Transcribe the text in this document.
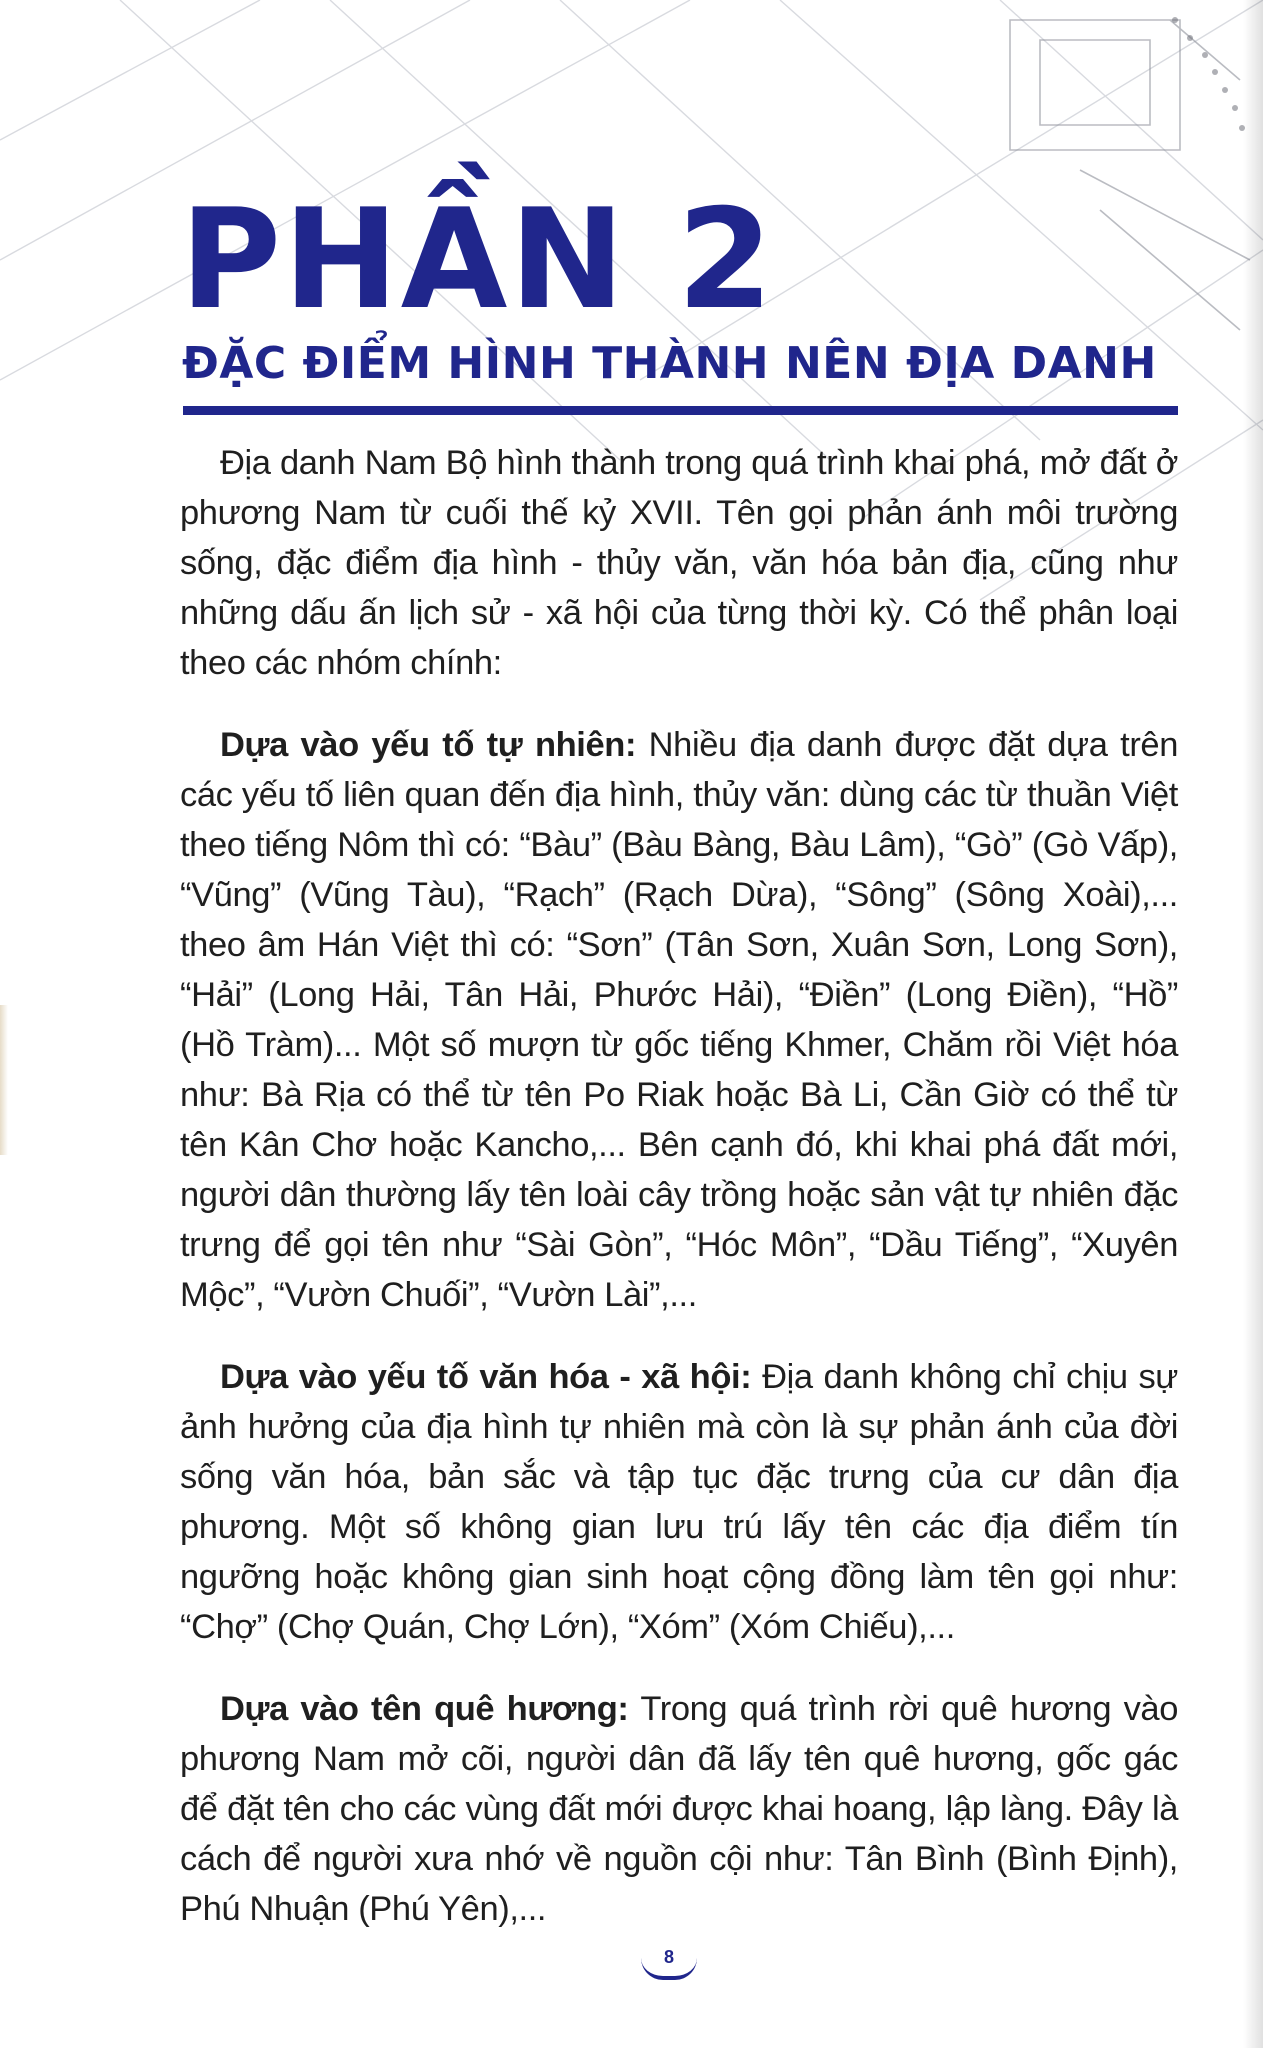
PHẦN 2
ĐẶC ĐIỂM HÌNH THÀNH NÊN ĐỊA DANH

Địa danh Nam Bộ hình thành trong quá trình khai phá, mở đất ở phương Nam từ cuối thế kỷ XVII. Tên gọi phản ánh môi trường sống, đặc điểm địa hình - thủy văn, văn hóa bản địa, cũng như những dấu ấn lịch sử - xã hội của từng thời kỳ. Có thể phân loại theo các nhóm chính:

Dựa vào yếu tố tự nhiên: Nhiều địa danh được đặt dựa trên các yếu tố liên quan đến địa hình, thủy văn: dùng các từ thuần Việt theo tiếng Nôm thì có: “Bàu” (Bàu Bàng, Bàu Lâm), “Gò” (Gò Vấp), “Vũng” (Vũng Tàu), “Rạch” (Rạch Dừa), “Sông” (Sông Xoài),... theo âm Hán Việt thì có: “Sơn” (Tân Sơn, Xuân Sơn, Long Sơn), “Hải” (Long Hải, Tân Hải, Phước Hải), “Điền” (Long Điền), “Hồ” (Hồ Tràm)... Một số mượn từ gốc tiếng Khmer, Chăm rồi Việt hóa như: Bà Rịa có thể từ tên Po Riak hoặc Bà Li, Cần Giờ có thể từ tên Kân Chơ hoặc Kancho,... Bên cạnh đó, khi khai phá đất mới, người dân thường lấy tên loài cây trồng hoặc sản vật tự nhiên đặc trưng để gọi tên như “Sài Gòn”, “Hóc Môn”, “Dầu Tiếng”, “Xuyên Mộc”, “Vườn Chuối”, “Vườn Lài”,...

Dựa vào yếu tố văn hóa - xã hội: Địa danh không chỉ chịu sự ảnh hưởng của địa hình tự nhiên mà còn là sự phản ánh của đời sống văn hóa, bản sắc và tập tục đặc trưng của cư dân địa phương. Một số không gian lưu trú lấy tên các địa điểm tín ngưỡng hoặc không gian sinh hoạt cộng đồng làm tên gọi như: “Chợ” (Chợ Quán, Chợ Lớn), “Xóm” (Xóm Chiếu),...

Dựa vào tên quê hương: Trong quá trình rời quê hương vào phương Nam mở cõi, người dân đã lấy tên quê hương, gốc gác để đặt tên cho các vùng đất mới được khai hoang, lập làng. Đây là cách để người xưa nhớ về nguồn cội như: Tân Bình (Bình Định), Phú Nhuận (Phú Yên),...

8
